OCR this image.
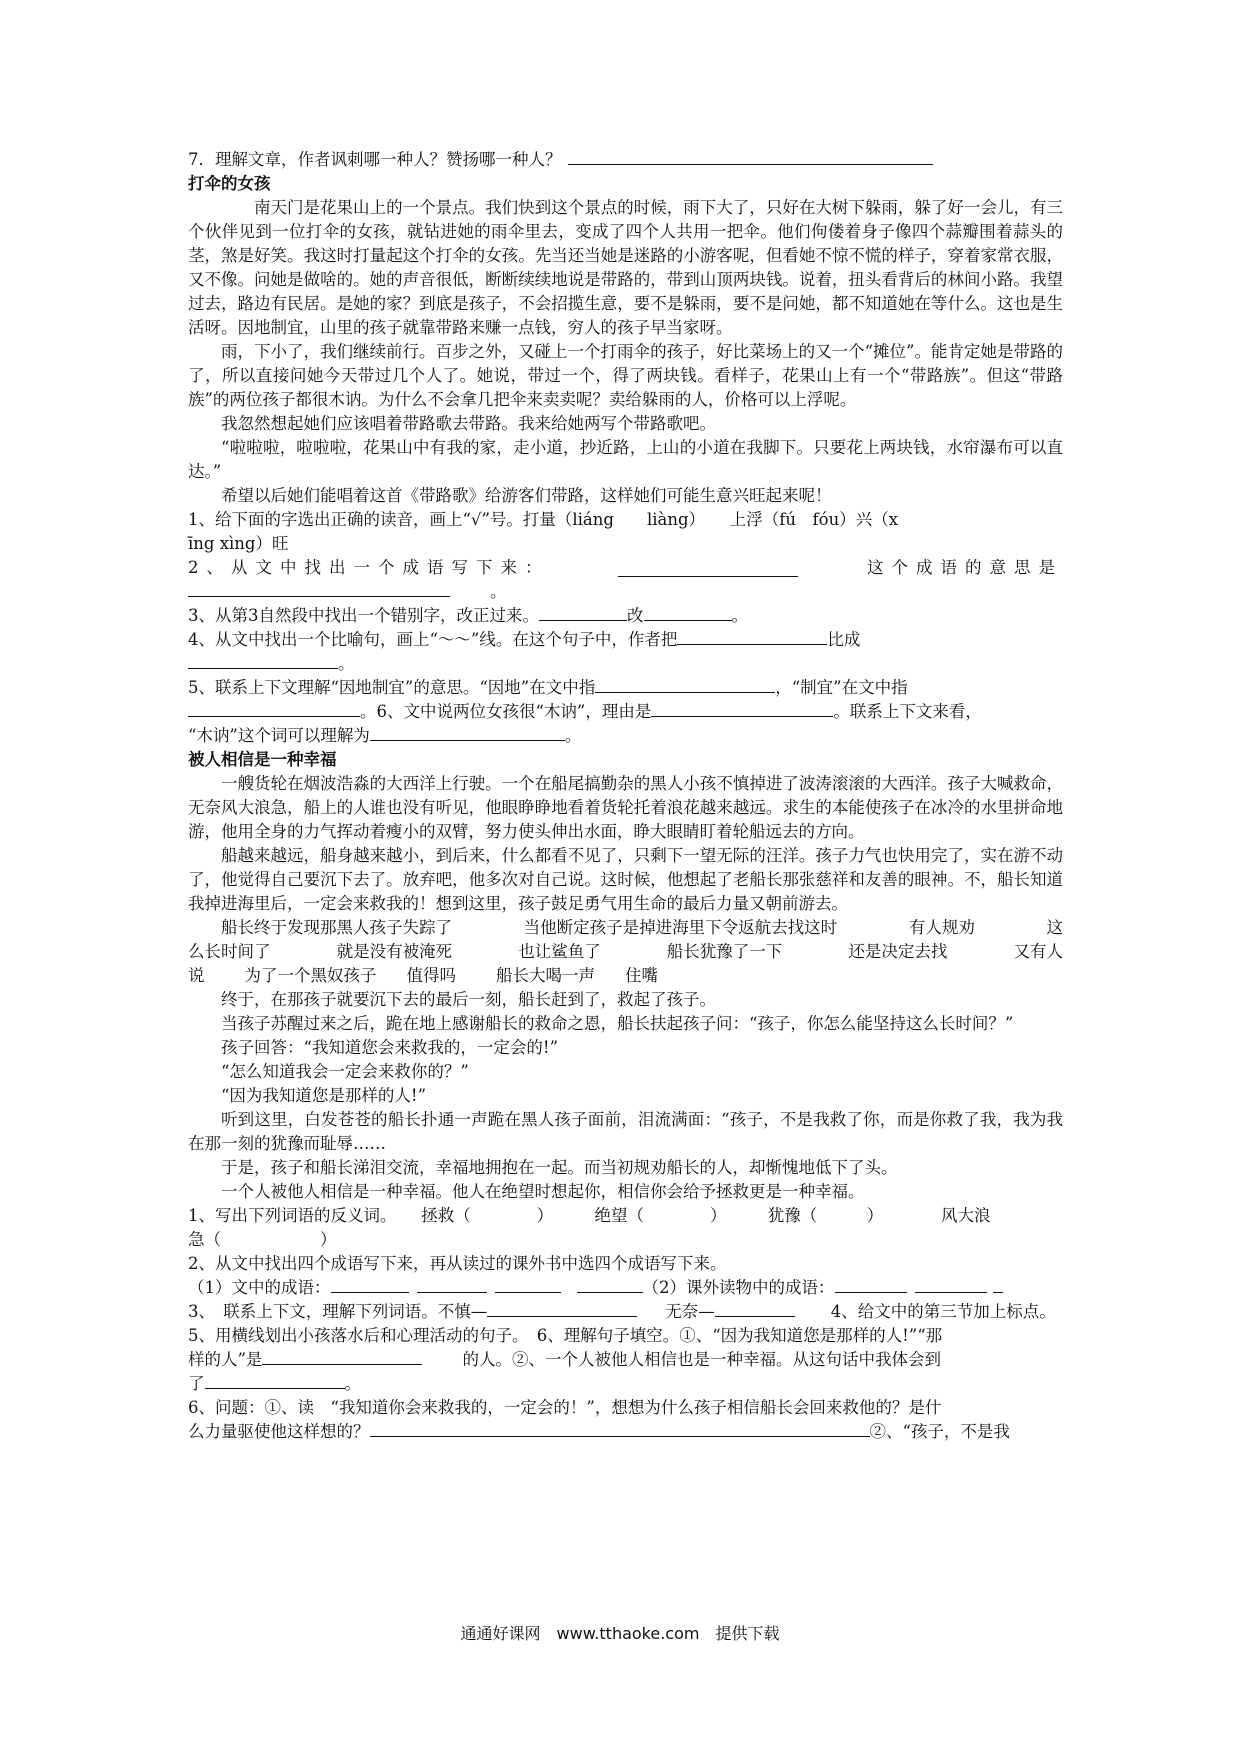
7．理解文章，作者讽刺哪一种人？赞扬哪一种人？
打伞的女孩
南天门是花果山上的一个景点。我们快到这个景点的时候，雨下大了，只好在大树下躲雨，躲了好一会儿，有三个伙伴见到一位打伞的女孩，就钻进她的雨伞里去，变成了四个人共用一把伞。他们佝偻着身子像四个蒜瓣围着蒜头的茎，煞是好笑。我这时打量起这个打伞的女孩。先当还当她是迷路的小游客呢，但看她不惊不慌的样子，穿着家常衣服，又不像。问她是做啥的。她的声音很低，断断续续地说是带路的，带到山顶两块钱。说着，扭头看背后的林间小路。我望过去，路边有民居。是她的家？到底是孩子，不会招揽生意，要不是躲雨，要不是问她，都不知道她在等什么。这也是生活呀。因地制宜，山里的孩子就靠带路来赚一点钱，穷人的孩子早当家呀。
雨，下小了，我们继续前行。百步之外，又碰上一个打雨伞的孩子，好比菜场上的又一个“摊位”。能肯定她是带路的了，所以直接问她今天带过几个人了。她说，带过一个，得了两块钱。看样子，花果山上有一个“带路族”。但这“带路族”的两位孩子都很木讷。为什么不会拿几把伞来卖卖呢？卖给躲雨的人，价格可以上浮呢。
我忽然想起她们应该唱着带路歌去带路。我来给她两写个带路歌吧。
“啦啦啦，啦啦啦，花果山中有我的家，走小道，抄近路，上山的小道在我脚下。只要花上两块钱，水帘瀑布可以直达。”
希望以后她们能唱着这首《带路歌》给游客们带路，这样她们可能生意兴旺起来呢！
1、给下面的字选出正确的读音，画上“√”号。打量（liáng　　liàng）　　上浮（fú　fóu）兴（x
īng xìng）旺
2、从文中找出一个成语写下来：	这个成语的意思是
。
3、从第3自然段中找出一个错别字，改正过来。	改	。
4、从文中找出一个比喻句，画上“～～”线。在这个句子中，作者把	比成
。
5、联系上下文理解“因地制宜”的意思。“因地”在文中指	，“制宜”在文中指
。6、文中说两位女孩很“木讷”，理由是	。联系上下文来看，
“木讷”这个词可以理解为	。
被人相信是一种幸福
一艘货轮在烟波浩淼的大西洋上行驶。一个在船尾搞勤杂的黑人小孩不慎掉进了波涛滚滚的大西洋。孩子大喊救命，无奈风大浪急，船上的人谁也没有听见，他眼睁睁地看着货轮托着浪花越来越远。求生的本能使孩子在冰冷的水里拼命地游，他用全身的力气挥动着瘦小的双臂，努力使头伸出水面，睁大眼睛盯着轮船远去的方向。
船越来越远，船身越来越小，到后来，什么都看不见了，只剩下一望无际的汪洋。孩子力气也快用完了，实在游不动了，他觉得自己要沉下去了。放弃吧，他多次对自己说。这时候，他想起了老船长那张慈祥和友善的眼神。不，船长知道我掉进海里后，一定会来救我的！想到这里，孩子鼓足勇气用生命的最后力量又朝前游去。
船长终于发现那黑人孩子失踪了	当他断定孩子是掉进海里下令返航去找这时	有人规劝	这
么长时间了	就是没有被淹死	也让鲨鱼了	船长犹豫了一下	还是决定去找	又有人
说 为了一个黑奴孩子 值得吗 船长大喝一声 住嘴
终于，在那孩子就要沉下去的最后一刻，船长赶到了，救起了孩子。
当孩子苏醒过来之后，跪在地上感谢船长的救命之恩，船长扶起孩子问：“孩子，你怎么能坚持这么长时间？”
孩子回答：“我知道您会来救我的，一定会的!”
“怎么知道我会一定会来救你的？”
“因为我知道您是那样的人!”
听到这里，白发苍苍的船长扑通一声跪在黑人孩子面前，泪流满面：“孩子，不是我救了你，而是你救了我，我为我在那一刻的犹豫而耻辱……
于是，孩子和船长涕泪交流，幸福地拥抱在一起。而当初规劝船长的人，却惭愧地低下了头。
一个人被他人相信是一种幸福。他人在绝望时想起你，相信你会给予拯救更是一种幸福。
1、写出下列词语的反义词。　　拯救（　　　　）　　　绝望（　　　　）　　　犹豫（　　　）　　　　风大浪
急（　　　　　　）
2、从文中找出四个成语写下来，再从读过的课外书中选四个成语写下来。
（1）文中的成语：	（2）课外读物中的成语：
3、　联系上下文，理解下列词语。不慎—	无奈—	4、给文中的第三节加上标点。
5、用横线划出小孩落水后和心理活动的句子。　6、理解句子填空。①、“因为我知道您是那样的人!”“那
样的人”是	的人。②、一个人被他人相信也是一种幸福。从这句话中我体会到
了	。
6、问题：①、读　“我知道你会来救我的，一定会的！”，想想为什么孩子相信船长会回来救他的？是什
么力量驱使他这样想的？	②、“孩子，不是我
通通好课网　www.tthaoke.com　提供下载
